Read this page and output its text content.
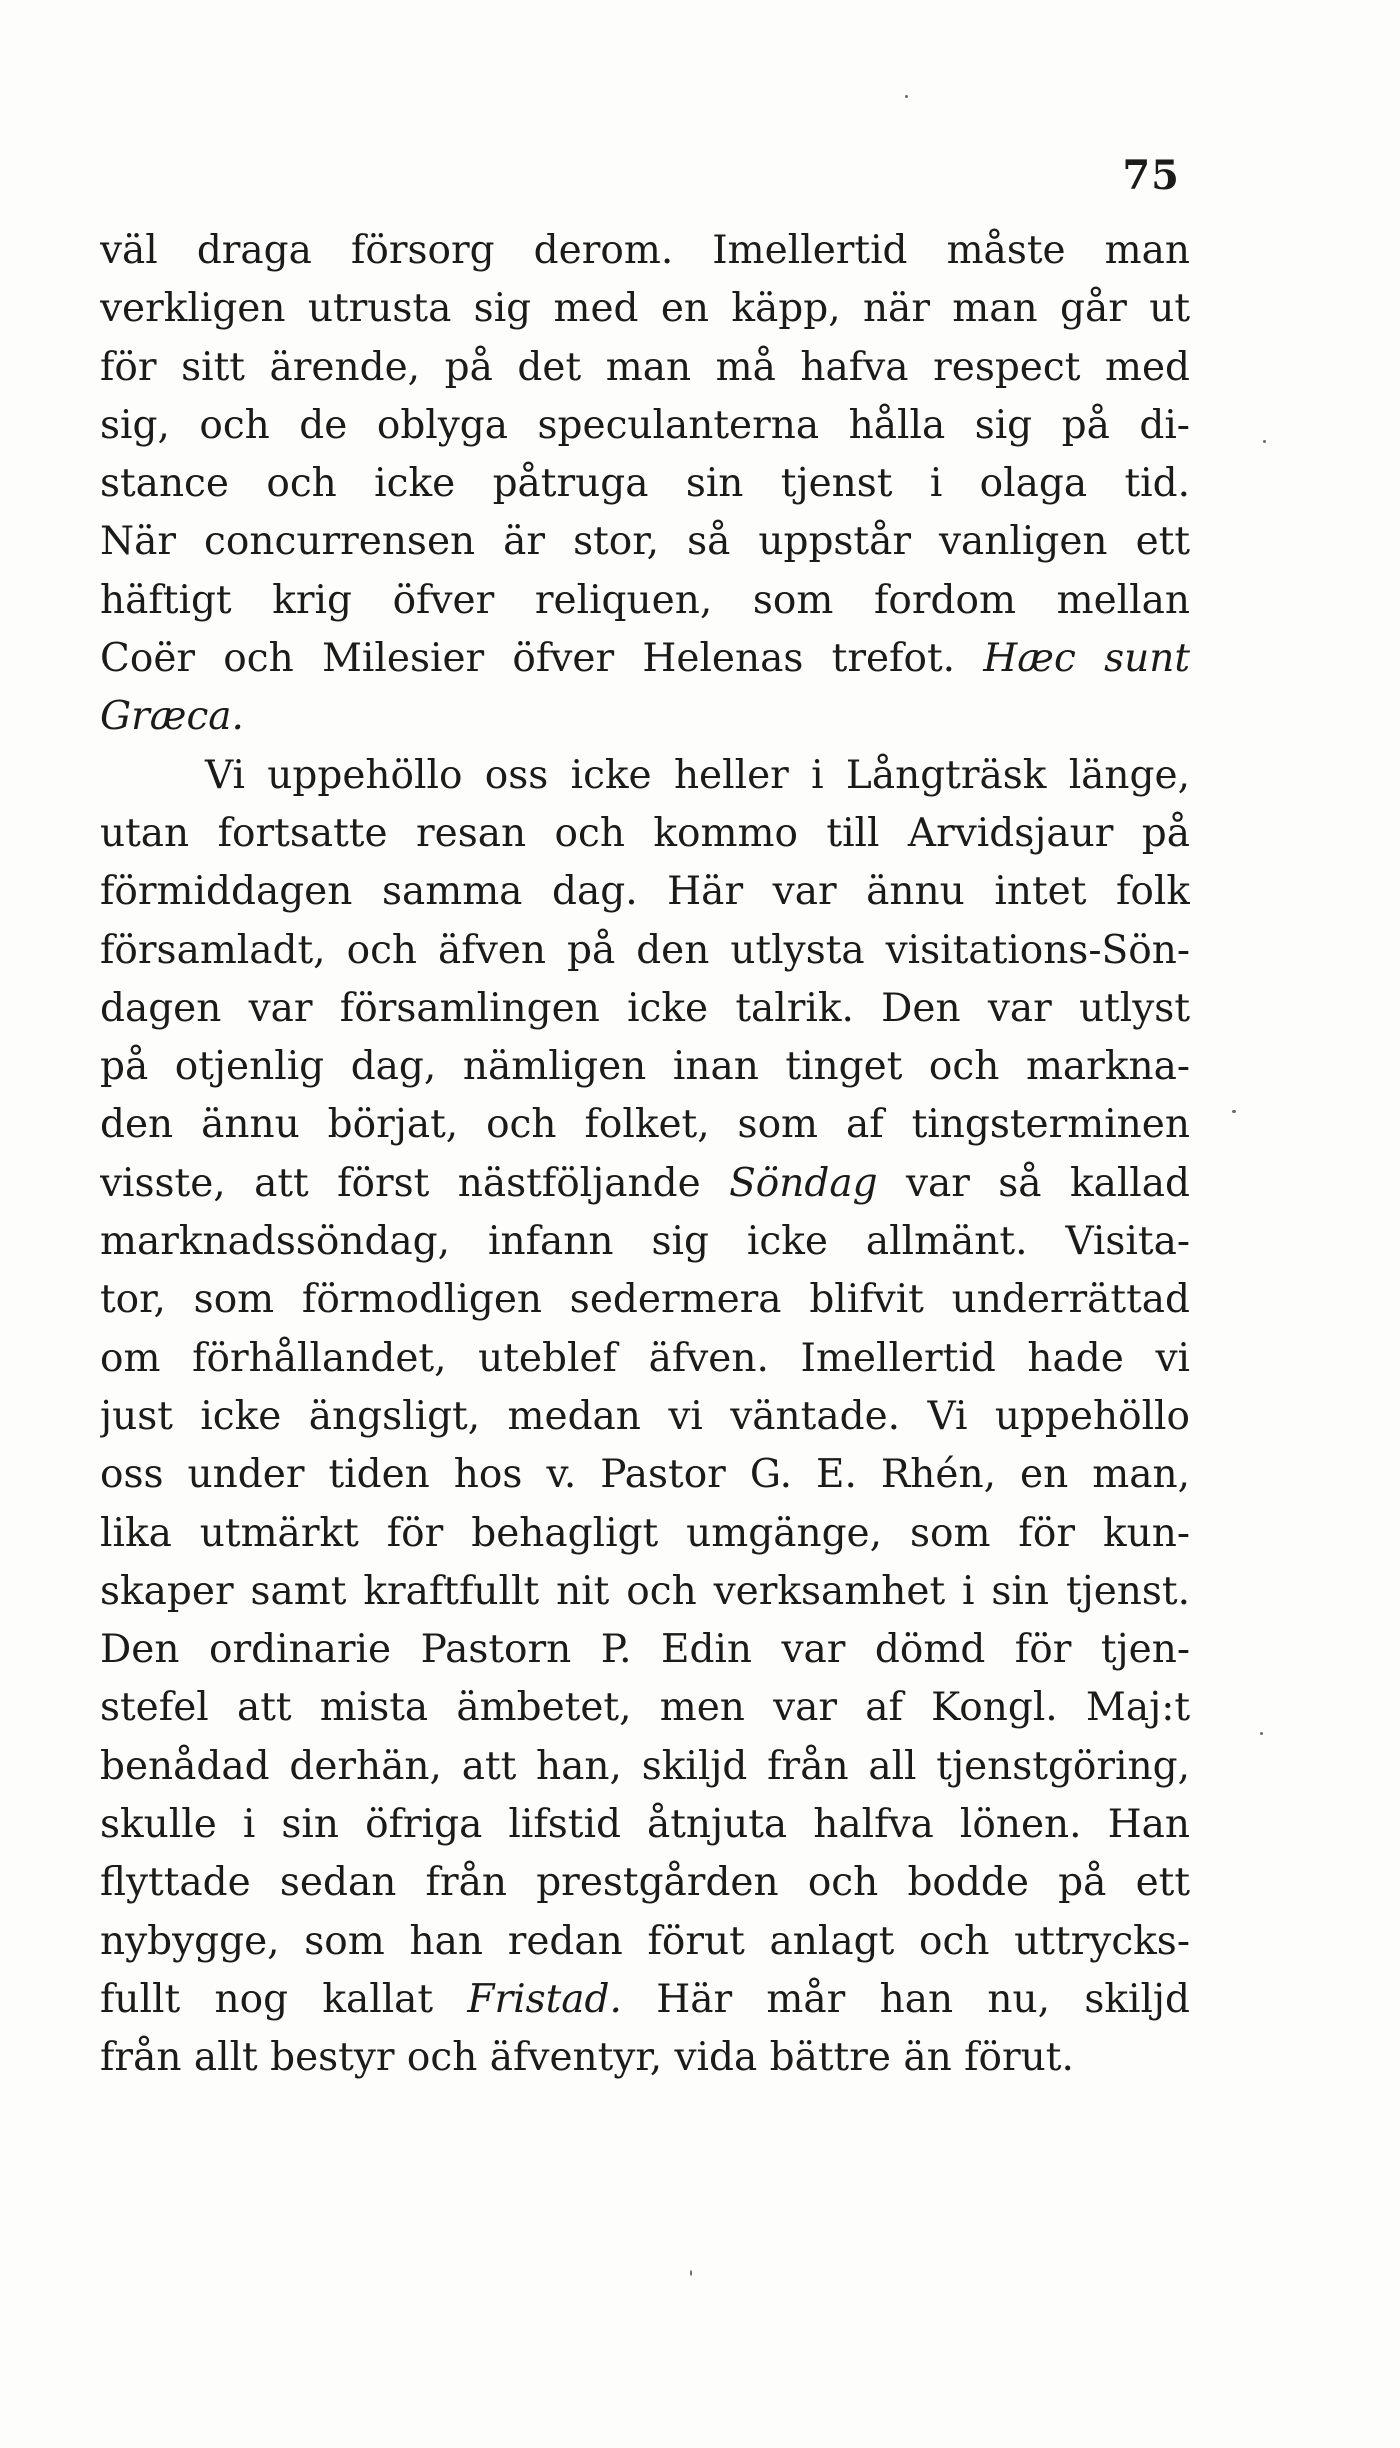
75
väl draga försorg derom. Imellertid måste man
verkligen utrusta sig med en käpp, när man går ut
för sitt ärende, på det man må hafva respect med
sig, och de oblyga speculanterna hålla sig på di-
stance och icke påtruga sin tjenst i olaga tid.
När concurrensen är stor, så uppstår vanligen ett
häftigt krig öfver reliquen, som fordom mellan
Coër och Milesier öfver Helenas trefot. Hæc sunt
Græca.
Vi uppehöllo oss icke heller i Långträsk länge,
utan fortsatte resan och kommo till Arvidsjaur på
förmiddagen samma dag. Här var ännu intet folk
församladt, och äfven på den utlysta visitations-Sön-
dagen var församlingen icke talrik. Den var utlyst
på otjenlig dag, nämligen inan tinget och markna-
den ännu börjat, och folket, som af tingsterminen
visste, att först nästföljande Söndag var så kallad
marknadssöndag, infann sig icke allmänt. Visita-
tor, som förmodligen sedermera blifvit underrättad
om förhållandet, uteblef äfven. Imellertid hade vi
just icke ängsligt, medan vi väntade. Vi uppehöllo
oss under tiden hos v. Pastor G. E. Rhén, en man,
lika utmärkt för behagligt umgänge, som för kun-
skaper samt kraftfullt nit och verksamhet i sin tjenst.
Den ordinarie Pastorn P. Edin var dömd för tjen-
stefel att mista ämbetet, men var af Kongl. Maj:t
benådad derhän, att han, skiljd från all tjenstgöring,
skulle i sin öfriga lifstid åtnjuta halfva lönen. Han
flyttade sedan från prestgården och bodde på ett
nybygge, som han redan förut anlagt och uttrycks-
fullt nog kallat Fristad. Här mår han nu, skiljd
från allt bestyr och äfventyr, vida bättre än förut.
